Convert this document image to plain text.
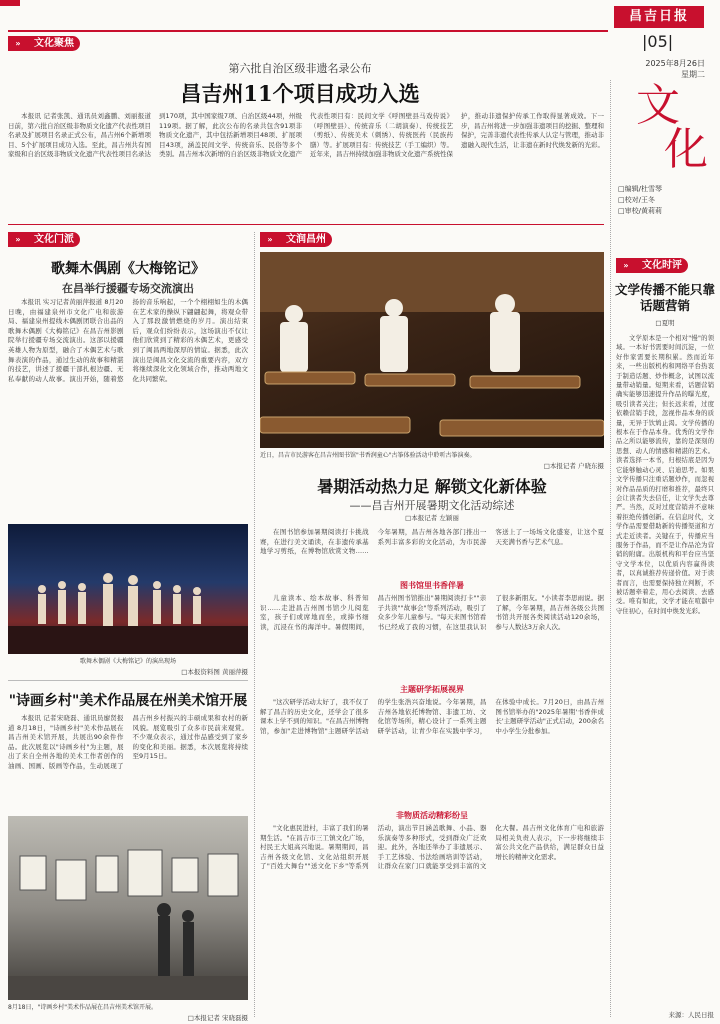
昌吉日报
|05|
2025年8月26日
星期二
»	文化聚焦
第六批自治区级非遗名录公布
昌吉州11个项目成功入选

本报讯 记者张凯、通讯员刘鑫鹏、刘丽报道 日前，第六批自治区级非物质文化遗产代表性项目名录及扩展项目名录正式公布，昌吉州6个新增项目、5个扩展项目成功入选。至此，昌吉州共有国家级和自治区级非物质文化遗产代表性项目名录达到170项，其中国家级7项、自治区级44项，州级119项。据了解，此次公布的名录共包含91项非物质文化遗产，其中包括新增项目48项、扩展项目43项，涵盖民间文学、传统音乐、民俗等多个类别。昌吉州本次新增的自治区级非物质文化遗产代表性项目有：民间文学《呼图壁县马戏传说》（呼图壁县）、传统音乐（二胡演奏）、传统技艺（剪纸）、传统美术（刺绣）、传统医药（民族药膳）等。扩展项目有：传统技艺（手工编织）等。近年来，昌吉州持续加强非物质文化遗产系统性保护，推动非遗保护传承工作取得显著成效。下一步，昌吉州将进一步加强非遗项目的挖掘、整理和保护，完善非遗代表性传承人认定与管理，推动非遗融入现代生活，让非遗在新时代焕发新的光彩。

»	文化门派
歌舞木偶剧《大梅铭记》
在昌举行援疆专场交流演出

本报讯 实习记者黄丽萍报道 8月20日晚，由福建泉州市文化广电和旅游局、福建泉州提线木偶剧团联合出品的歌舞木偶剧《大梅铭记》在昌吉州影剧院举行援疆专场交流演出。这部以援疆英雄人物为原型，融合了木偶艺术与歌舞表演的作品，通过生动的故事和精湛的技艺，讲述了援疆干部扎根边疆、无私奉献的动人故事。演出开始，随着悠扬的音乐响起，一个个栩栩如生的木偶在艺术家的操纵下翩翩起舞，将观众带入了那段激情燃烧的岁月。演出结束后，观众们纷纷表示，这场演出不仅让他们欣赏到了精彩的木偶艺术，更感受到了闽昌两地深厚的情谊。据悉，此次演出是闽昌文化交流的重要内容，双方将继续深化文化领域合作，推动两地文化共同繁荣。

歌舞木偶剧《大梅铭记》的演出现场
□本报资料图 黄丽萍摄
"诗画乡村"美术作品展在州美术馆开展

本报讯 记者宋晓磊、通讯员廖贤报道 8月18日，"诗画乡村"美术作品展在昌吉州美术馆开展，共展出90余件作品。此次展览以"诗画乡村"为主题，展出了来自全州各地的美术工作者创作的油画、国画、版画等作品，生动展现了昌吉州乡村振兴的丰硕成果和农村的新风貌。展览吸引了众多市民前来观赏。不少观众表示，通过作品感受到了家乡的变化和美丽。据悉，本次展览将持续至9月15日。

8月18日，"诗画乡村"美术作品展在昌吉州美术馆开展。
□本报记者 宋晓磊摄
»	文润昌州
近日，昌吉市民游客在昌吉州图书馆"书香润童心"古筝体验活动中聆听古筝演奏。
□本报记者 户晓东摄
暑期活动热力足 解锁文化新体验
——昌吉州开展暑期文化活动综述
□本报记者 左颖丽

在图书馆参加暑期阅读打卡挑战赛，在进行美文诵读，在非遗传承基地学习剪纸，在博物馆欣赏文物……今年暑期，昌吉州各地各部门推出一系列丰富多彩的文化活动，为市民游客送上了一场场文化盛宴，让这个夏天充满书香与艺术气息。

图书馆里书香伴暑

儿童读本、绘本故事、科普知识……走进昌吉州图书馆少儿阅览室，孩子们或席地而坐，或捧书细读，沉浸在书的海洋中。暑假期间，昌吉州图书馆推出"暑期阅读打卡""亲子共读""故事会"等系列活动，吸引了众多少年儿童参与。"每天来图书馆看书已经成了我的习惯，在这里我认识了很多新朋友。"小读者李思雨说。据了解，今年暑期，昌吉州各级公共图书馆共开展各类阅读活动120余场，参与人数达3万余人次。

主题研学拓展视界

"这次研学活动太好了，我不仅了解了昌吉的历史文化，还学会了很多课本上学不到的知识。"在昌吉州博物馆，参加"走进博物馆"主题研学活动的学生张浩兴奋地说。今年暑期，昌吉州各地依托博物馆、非遗工坊、文化馆等场所，精心设计了一系列主题研学活动，让青少年在实践中学习，在体验中成长。7月20日，由昌吉州图书馆举办的"2025年暑期'书香伴成长'主题研学活动"正式启动，200余名中小学生分批参加。

非物质活动精彩纷呈

"文化惠民进村，丰富了我们的暑期生活。"在昌吉市三工镇文化广场，村民王大姐高兴地说。暑期期间，昌吉州各级文化馆、文化站组织开展了"百姓大舞台""送文化下乡"等系列活动，演出节目涵盖歌舞、小品、器乐演奏等多种形式，受到群众广泛欢迎。此外，各地还举办了非遗展示、手工艺体验、书法绘画培训等活动，让群众在家门口就能享受到丰富的文化大餐。昌吉州文化体育广电和旅游局相关负责人表示，下一步将继续丰富公共文化产品供给，满足群众日益增长的精神文化需求。

文
化
□编辑/杜雪琴
□校对/王冬
□审校/黄莉莉
»	文化时评
文学传播不能只靠
话题营销
□夏明

文学原本是一个相对"慢"的领域。一本好书需要时间沉淀，一位好作家需要长期积累。然而近年来，一些出版机构和网络平台热衷于制造话题、炒作概念，试图以流量带动销量。短期来看，话题营销确实能够迅速提升作品的曝光度，吸引读者关注；但长远来看，过度依赖营销手段，忽视作品本身的质量，无异于饮鸩止渴。文学传播的根本在于作品本身。优秀的文学作品之所以能够流传，靠的是深刻的思想、动人的情感和精湛的艺术。读者选择一本书，归根结底是因为它能够触动心灵、启迪思考。如果文学传播只注重话题炒作，而忽视对作品品质的打磨和推荐，最终只会让读者失去信任，让文学失去尊严。当然，反对过度营销并不意味着拒绝传播创新。在信息时代，文学作品需要借助新的传播渠道和方式走近读者。关键在于，传播应当服务于作品，而不是让作品沦为营销的附庸。出版机构和平台应当坚守文学本位，以优质内容赢得读者，以真诚推荐传递价值。对于读者而言，也需要保持独立判断，不被话题牵着走，用心去阅读、去感受。唯有如此，文学才能在喧嚣中守住初心，在时间中焕发光彩。

来源：人民日报
